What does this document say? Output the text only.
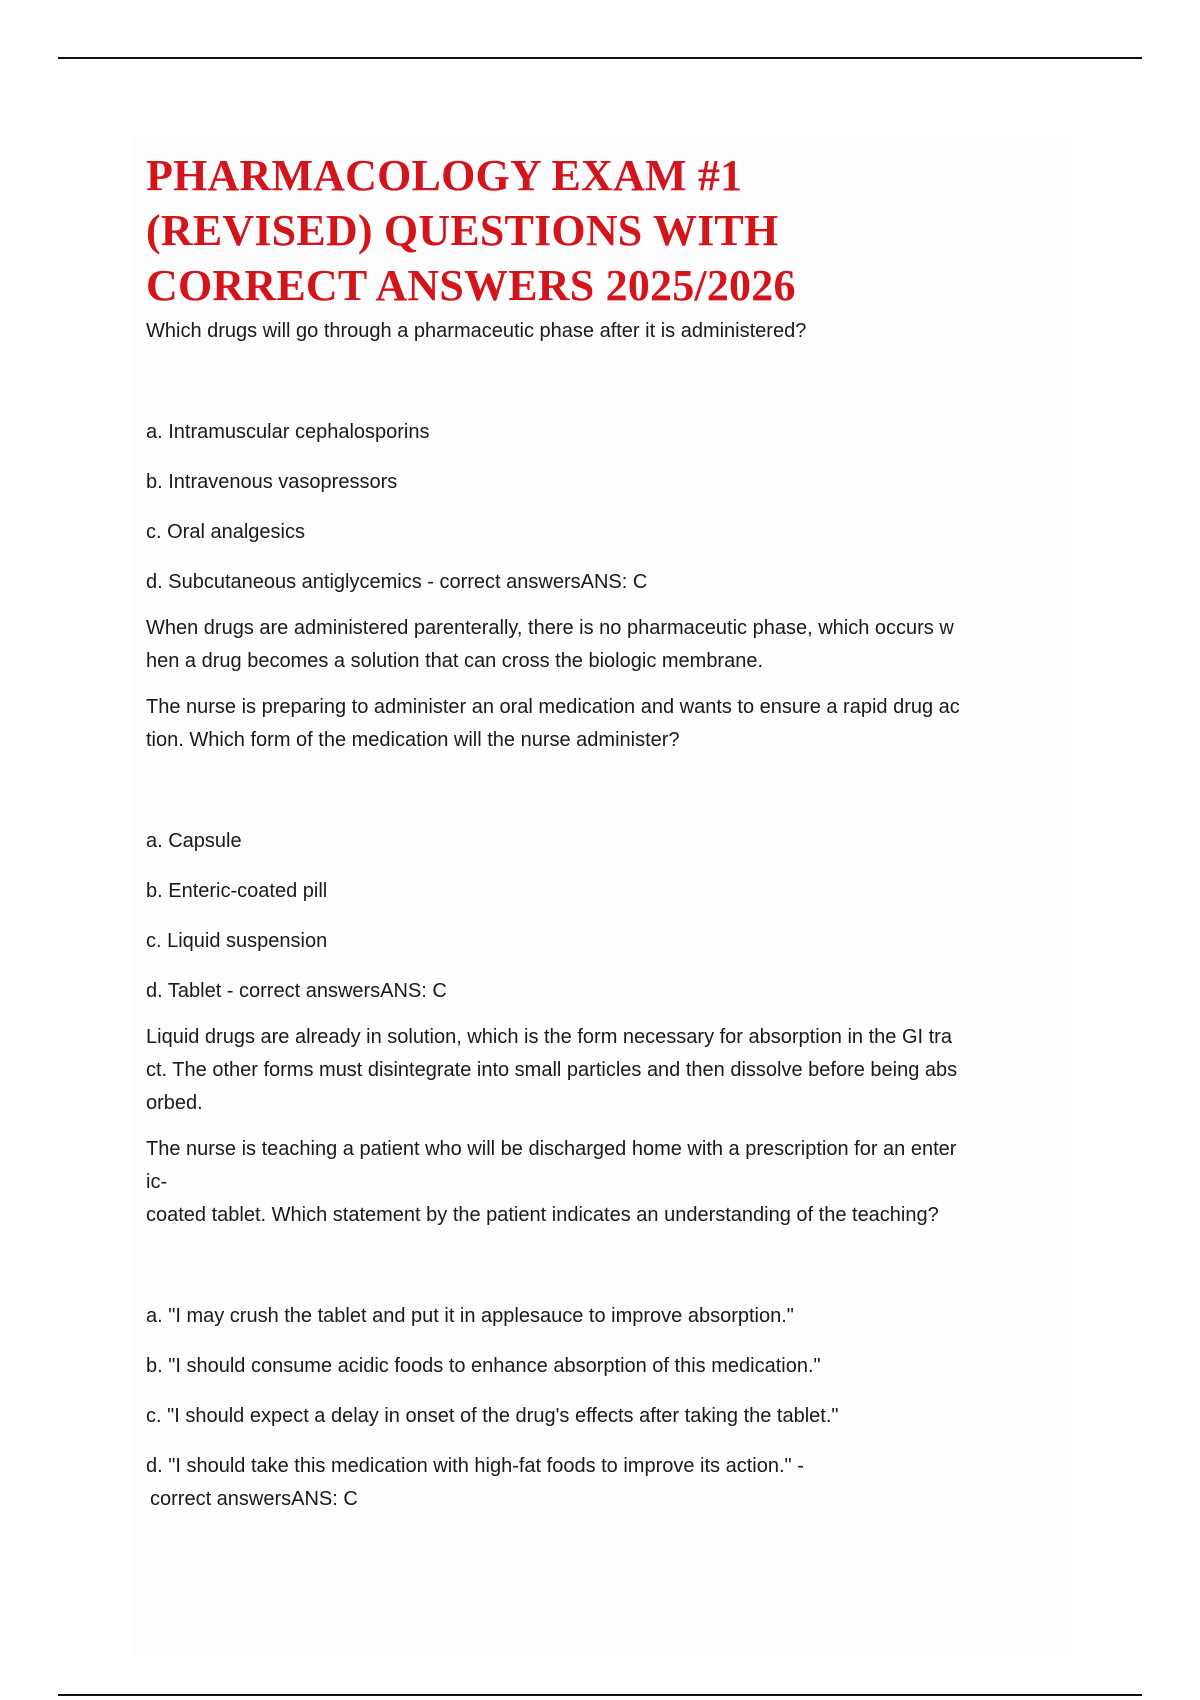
PHARMACOLOGY EXAM #1
(REVISED) QUESTIONS WITH
CORRECT ANSWERS 2025/2026
Which drugs will go through a pharmaceutic phase after it is administered?
a. Intramuscular cephalosporins
b. Intravenous vasopressors
c. Oral analgesics
d. Subcutaneous antiglycemics - correct answersANS: C
When drugs are administered parenterally, there is no pharmaceutic phase, which occurs w
hen a drug becomes a solution that can cross the biologic membrane.
The nurse is preparing to administer an oral medication and wants to ensure a rapid drug ac
tion. Which form of the medication will the nurse administer?
a. Capsule
b. Enteric-coated pill
c. Liquid suspension
d. Tablet - correct answersANS: C
Liquid drugs are already in solution, which is the form necessary for absorption in the GI tra
ct. The other forms must disintegrate into small particles and then dissolve before being abs
orbed.
The nurse is teaching a patient who will be discharged home with a prescription for an enter
ic-
coated tablet. Which statement by the patient indicates an understanding of the teaching?
a. "I may crush the tablet and put it in applesauce to improve absorption."
b. "I should consume acidic foods to enhance absorption of this medication."
c. "I should expect a delay in onset of the drug's effects after taking the tablet."
d. "I should take this medication with high-fat foods to improve its action." -
correct answersANS: C
